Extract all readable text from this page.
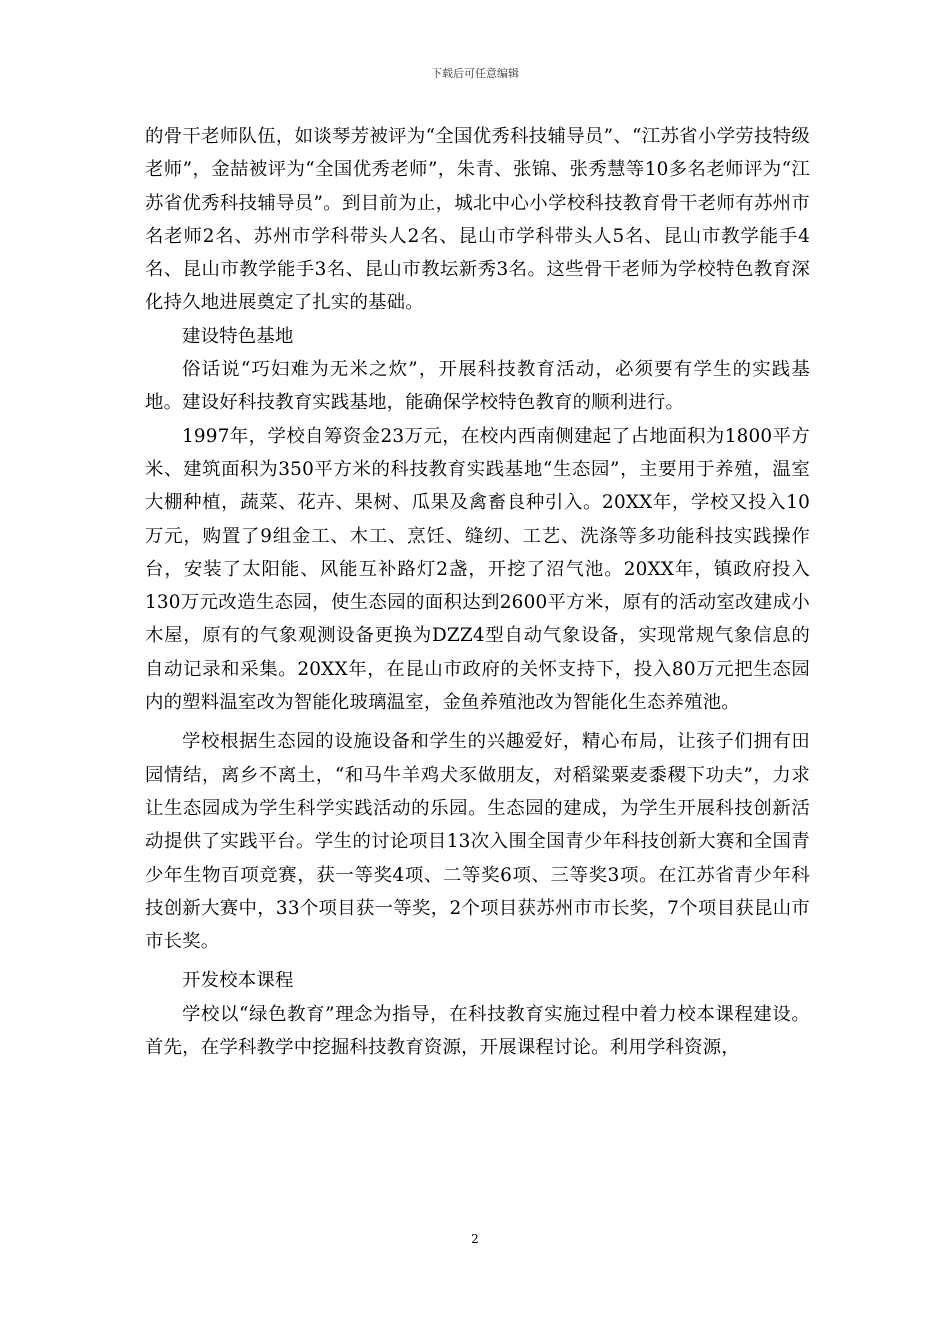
下载后可任意编辑

的骨干老师队伍，如谈琴芳被评为“全国优秀科技辅导员”、“江苏省小学劳技特级老师”，金喆被评为“全国优秀老师”，朱青、张锦、张秀慧等10多名老师评为“江苏省优秀科技辅导员”。到目前为止，城北中心小学校科技教育骨干老师有苏州市名老师2名、苏州市学科带头人2名、昆山市学科带头人5名、昆山市教学能手4名、昆山市教学能手3名、昆山市教坛新秀3名。这些骨干老师为学校特色教育深化持久地进展奠定了扎实的基础。

建设特色基地

俗话说“巧妇难为无米之炊”，开展科技教育活动，必须要有学生的实践基地。建设好科技教育实践基地，能确保学校特色教育的顺利进行。

1997年，学校自筹资金23万元，在校内西南侧建起了占地面积为1800平方米、建筑面积为350平方米的科技教育实践基地“生态园”，主要用于养殖，温室大棚种植，蔬菜、花卉、果树、瓜果及禽畜良种引入。20XX年，学校又投入10万元，购置了9组金工、木工、烹饪、缝纫、工艺、洗涤等多功能科技实践操作台，安装了太阳能、风能互补路灯2盏，开挖了沼气池。20XX年，镇政府投入130万元改造生态园，使生态园的面积达到2600平方米，原有的活动室改建成小木屋，原有的气象观测设备更换为DZZ4型自动气象设备，实现常规气象信息的自动记录和采集。20XX年，在昆山市政府的关怀支持下，投入80万元把生态园内的塑料温室改为智能化玻璃温室，金鱼养殖池改为智能化生态养殖池。

学校根据生态园的设施设备和学生的兴趣爱好，精心布局，让孩子们拥有田园情结，离乡不离土，“和马牛羊鸡犬豕做朋友，对稻粱粟麦黍稷下功夫”，力求让生态园成为学生科学实践活动的乐园。生态园的建成，为学生开展科技创新活动提供了实践平台。学生的讨论项目13次入围全国青少年科技创新大赛和全国青少年生物百项竞赛，获一等奖4项、二等奖6项、三等奖3项。在江苏省青少年科技创新大赛中，33个项目获一等奖，2个项目获苏州市市长奖，7个项目获昆山市市长奖。

开发校本课程

学校以“绿色教育”理念为指导，在科技教育实施过程中着力校本课程建设。首先，在学科教学中挖掘科技教育资源，开展课程讨论。利用学科资源，

2
